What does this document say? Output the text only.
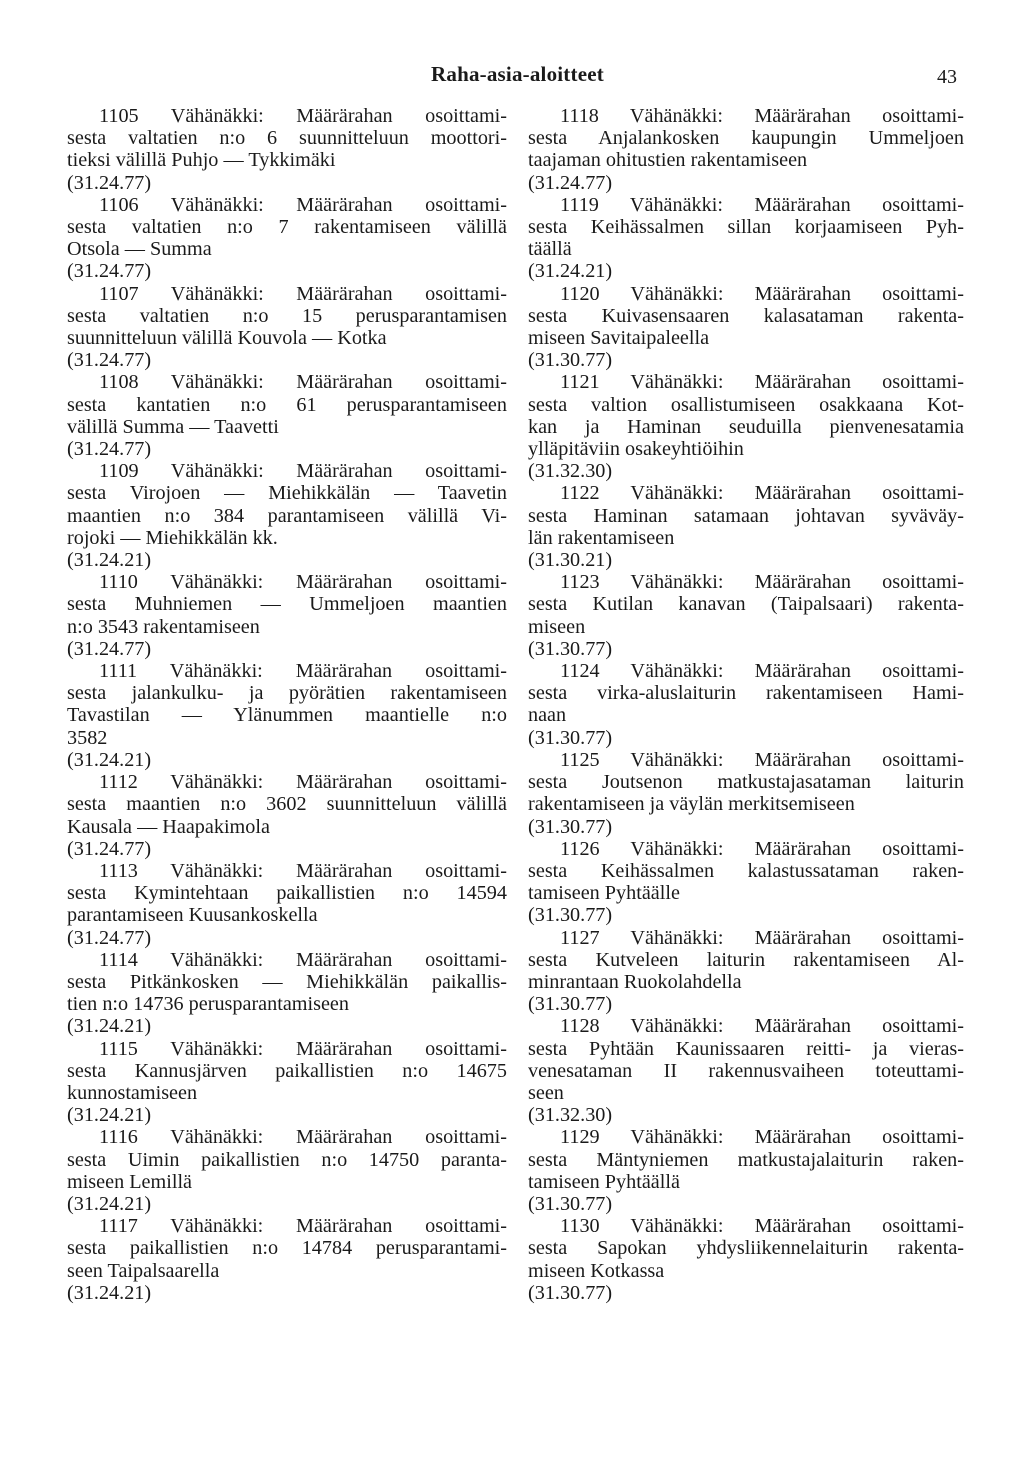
Raha-asia-aloitteet	43
1105 Vähänäkki: Määrärahan osoittami-
sesta valtatien n:o 6 suunnitteluun moottori-
tieksi välillä Puhjo — Tykkimäki
(31.24.77)
1106 Vähänäkki: Määrärahan osoittami-
sesta valtatien n:o 7 rakentamiseen välillä
Otsola — Summa
(31.24.77)
1107 Vähänäkki: Määrärahan osoittami-
sesta valtatien n:o 15 perusparantamisen
suunnitteluun välillä Kouvola — Kotka
(31.24.77)
1108 Vähänäkki: Määrärahan osoittami-
sesta kantatien n:o 61 perusparantamiseen
välillä Summa — Taavetti
(31.24.77)
1109 Vähänäkki: Määrärahan osoittami-
sesta Virojoen — Miehikkälän — Taavetin
maantien n:o 384 parantamiseen välillä Vi-
rojoki — Miehikkälän kk.
(31.24.21)
1110 Vähänäkki: Määrärahan osoittami-
sesta Muhniemen — Ummeljoen maantien
n:o 3543 rakentamiseen
(31.24.77)
1111 Vähänäkki: Määrärahan osoittami-
sesta jalankulku- ja pyörätien rakentamiseen
Tavastilan — Ylänummen maantielle n:o
3582
(31.24.21)
1112 Vähänäkki: Määrärahan osoittami-
sesta maantien n:o 3602 suunnitteluun välillä
Kausala — Haapakimola
(31.24.77)
1113 Vähänäkki: Määrärahan osoittami-
sesta Kymintehtaan paikallistien n:o 14594
parantamiseen Kuusankoskella
(31.24.77)
1114 Vähänäkki: Määrärahan osoittami-
sesta Pitkänkosken — Miehikkälän paikallis-
tien n:o 14736 perusparantamiseen
(31.24.21)
1115 Vähänäkki: Määrärahan osoittami-
sesta Kannusjärven paikallistien n:o 14675
kunnostamiseen
(31.24.21)
1116 Vähänäkki: Määrärahan osoittami-
sesta Uimin paikallistien n:o 14750 paranta-
miseen Lemillä
(31.24.21)
1117 Vähänäkki: Määrärahan osoittami-
sesta paikallistien n:o 14784 perusparantami-
seen Taipalsaarella
(31.24.21)
1118 Vähänäkki: Määrärahan osoittami-
sesta Anjalankosken kaupungin Ummeljoen
taajaman ohitustien rakentamiseen
(31.24.77)
1119 Vähänäkki: Määrärahan osoittami-
sesta Keihässalmen sillan korjaamiseen Pyh-
täällä
(31.24.21)
1120 Vähänäkki: Määrärahan osoittami-
sesta Kuivasensaaren kalasataman rakenta-
miseen Savitaipaleella
(31.30.77)
1121 Vähänäkki: Määrärahan osoittami-
sesta valtion osallistumiseen osakkaana Kot-
kan ja Haminan seuduilla pienvenesatamia
ylläpitäviin osakeyhtiöihin
(31.32.30)
1122 Vähänäkki: Määrärahan osoittami-
sesta Haminan satamaan johtavan syväväy-
län rakentamiseen
(31.30.21)
1123 Vähänäkki: Määrärahan osoittami-
sesta Kutilan kanavan (Taipalsaari) rakenta-
miseen
(31.30.77)
1124 Vähänäkki: Määrärahan osoittami-
sesta virka-aluslaiturin rakentamiseen Hami-
naan
(31.30.77)
1125 Vähänäkki: Määrärahan osoittami-
sesta Joutsenon matkustajasataman laiturin
rakentamiseen ja väylän merkitsemiseen
(31.30.77)
1126 Vähänäkki: Määrärahan osoittami-
sesta Keihässalmen kalastussataman raken-
tamiseen Pyhtäälle
(31.30.77)
1127 Vähänäkki: Määrärahan osoittami-
sesta Kutveleen laiturin rakentamiseen Al-
minrantaan Ruokolahdella
(31.30.77)
1128 Vähänäkki: Määrärahan osoittami-
sesta Pyhtään Kaunissaaren reitti- ja vieras-
venesataman II rakennusvaiheen toteuttami-
seen
(31.32.30)
1129 Vähänäkki: Määrärahan osoittami-
sesta Mäntyniemen matkustajalaiturin raken-
tamiseen Pyhtäällä
(31.30.77)
1130 Vähänäkki: Määrärahan osoittami-
sesta Sapokan yhdysliikennelaiturin rakenta-
miseen Kotkassa
(31.30.77)
